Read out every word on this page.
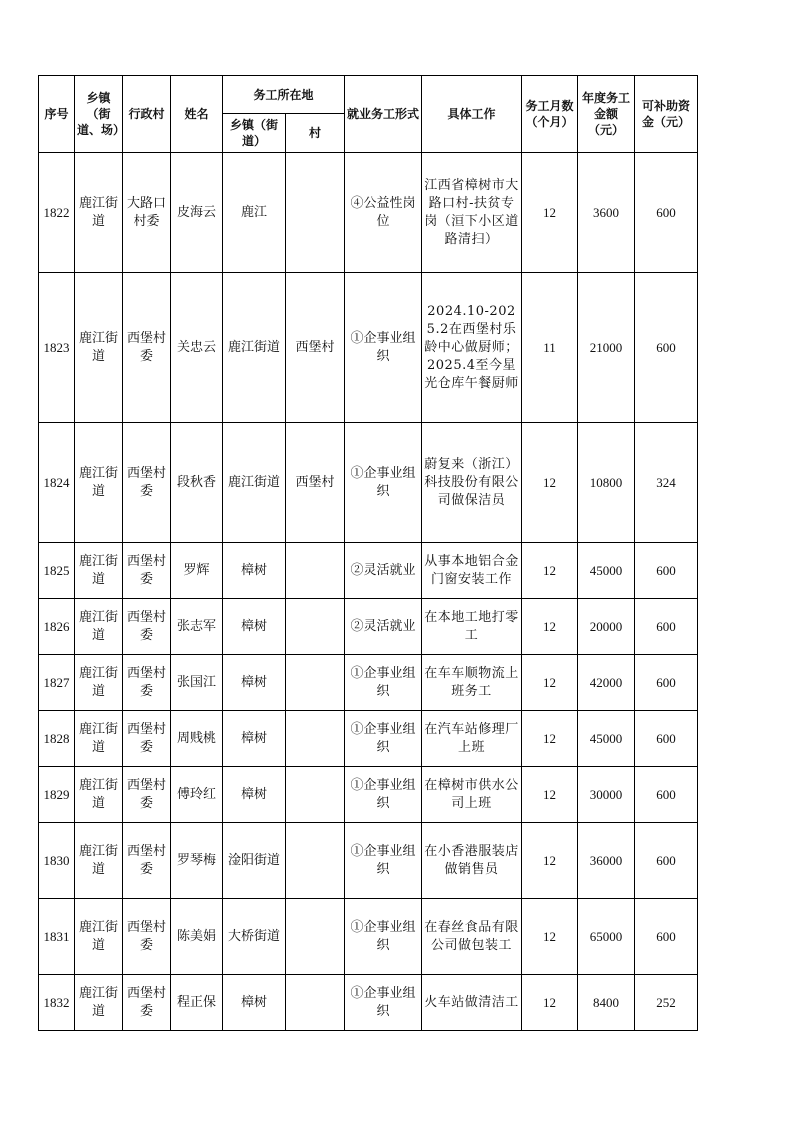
序号	乡镇（街道、场）	行政村	姓名	务工所在地		就业务工形式	具体工作	务工月数（个月）	年度务工金额（元）	可补助资金（元）
				乡镇（街道）	村					
1822	鹿江街道	大路口村委	皮海云	鹿江		④公益性岗位	江西省樟树市大路口村-扶贫专岗（洹下小区道路清扫）	12	3600	600
1823	鹿江街道	西堡村委	关忠云	鹿江街道	西堡村	①企事业组织	2024.10-2025.2在西堡村乐龄中心做厨师；2025.4至今星光仓库午餐厨师	11	21000	600
1824	鹿江街道	西堡村委	段秋香	鹿江街道	西堡村	①企事业组织	蔚复来（浙江）科技股份有限公司做保洁员	12	10800	324
1825	鹿江街道	西堡村委	罗辉	樟树		②灵活就业	从事本地铝合金门窗安装工作	12	45000	600
1826	鹿江街道	西堡村委	张志军	樟树		②灵活就业	在本地工地打零工	12	20000	600
1827	鹿江街道	西堡村委	张国江	樟树		①企事业组织	在车车顺物流上班务工	12	42000	600
1828	鹿江街道	西堡村委	周贱桃	樟树		①企事业组织	在汽车站修理厂上班	12	45000	600
1829	鹿江街道	西堡村委	傅玲红	樟树		①企事业组织	在樟树市供水公司上班	12	30000	600
1830	鹿江街道	西堡村委	罗琴梅	淦阳街道		①企事业组织	在小香港服装店做销售员	12	36000	600
1831	鹿江街道	西堡村委	陈美娟	大桥街道		①企事业组织	在春丝食品有限公司做包装工	12	65000	600
1832	鹿江街道	西堡村委	程正保	樟树		①企事业组织	火车站做清洁工	12	8400	252
